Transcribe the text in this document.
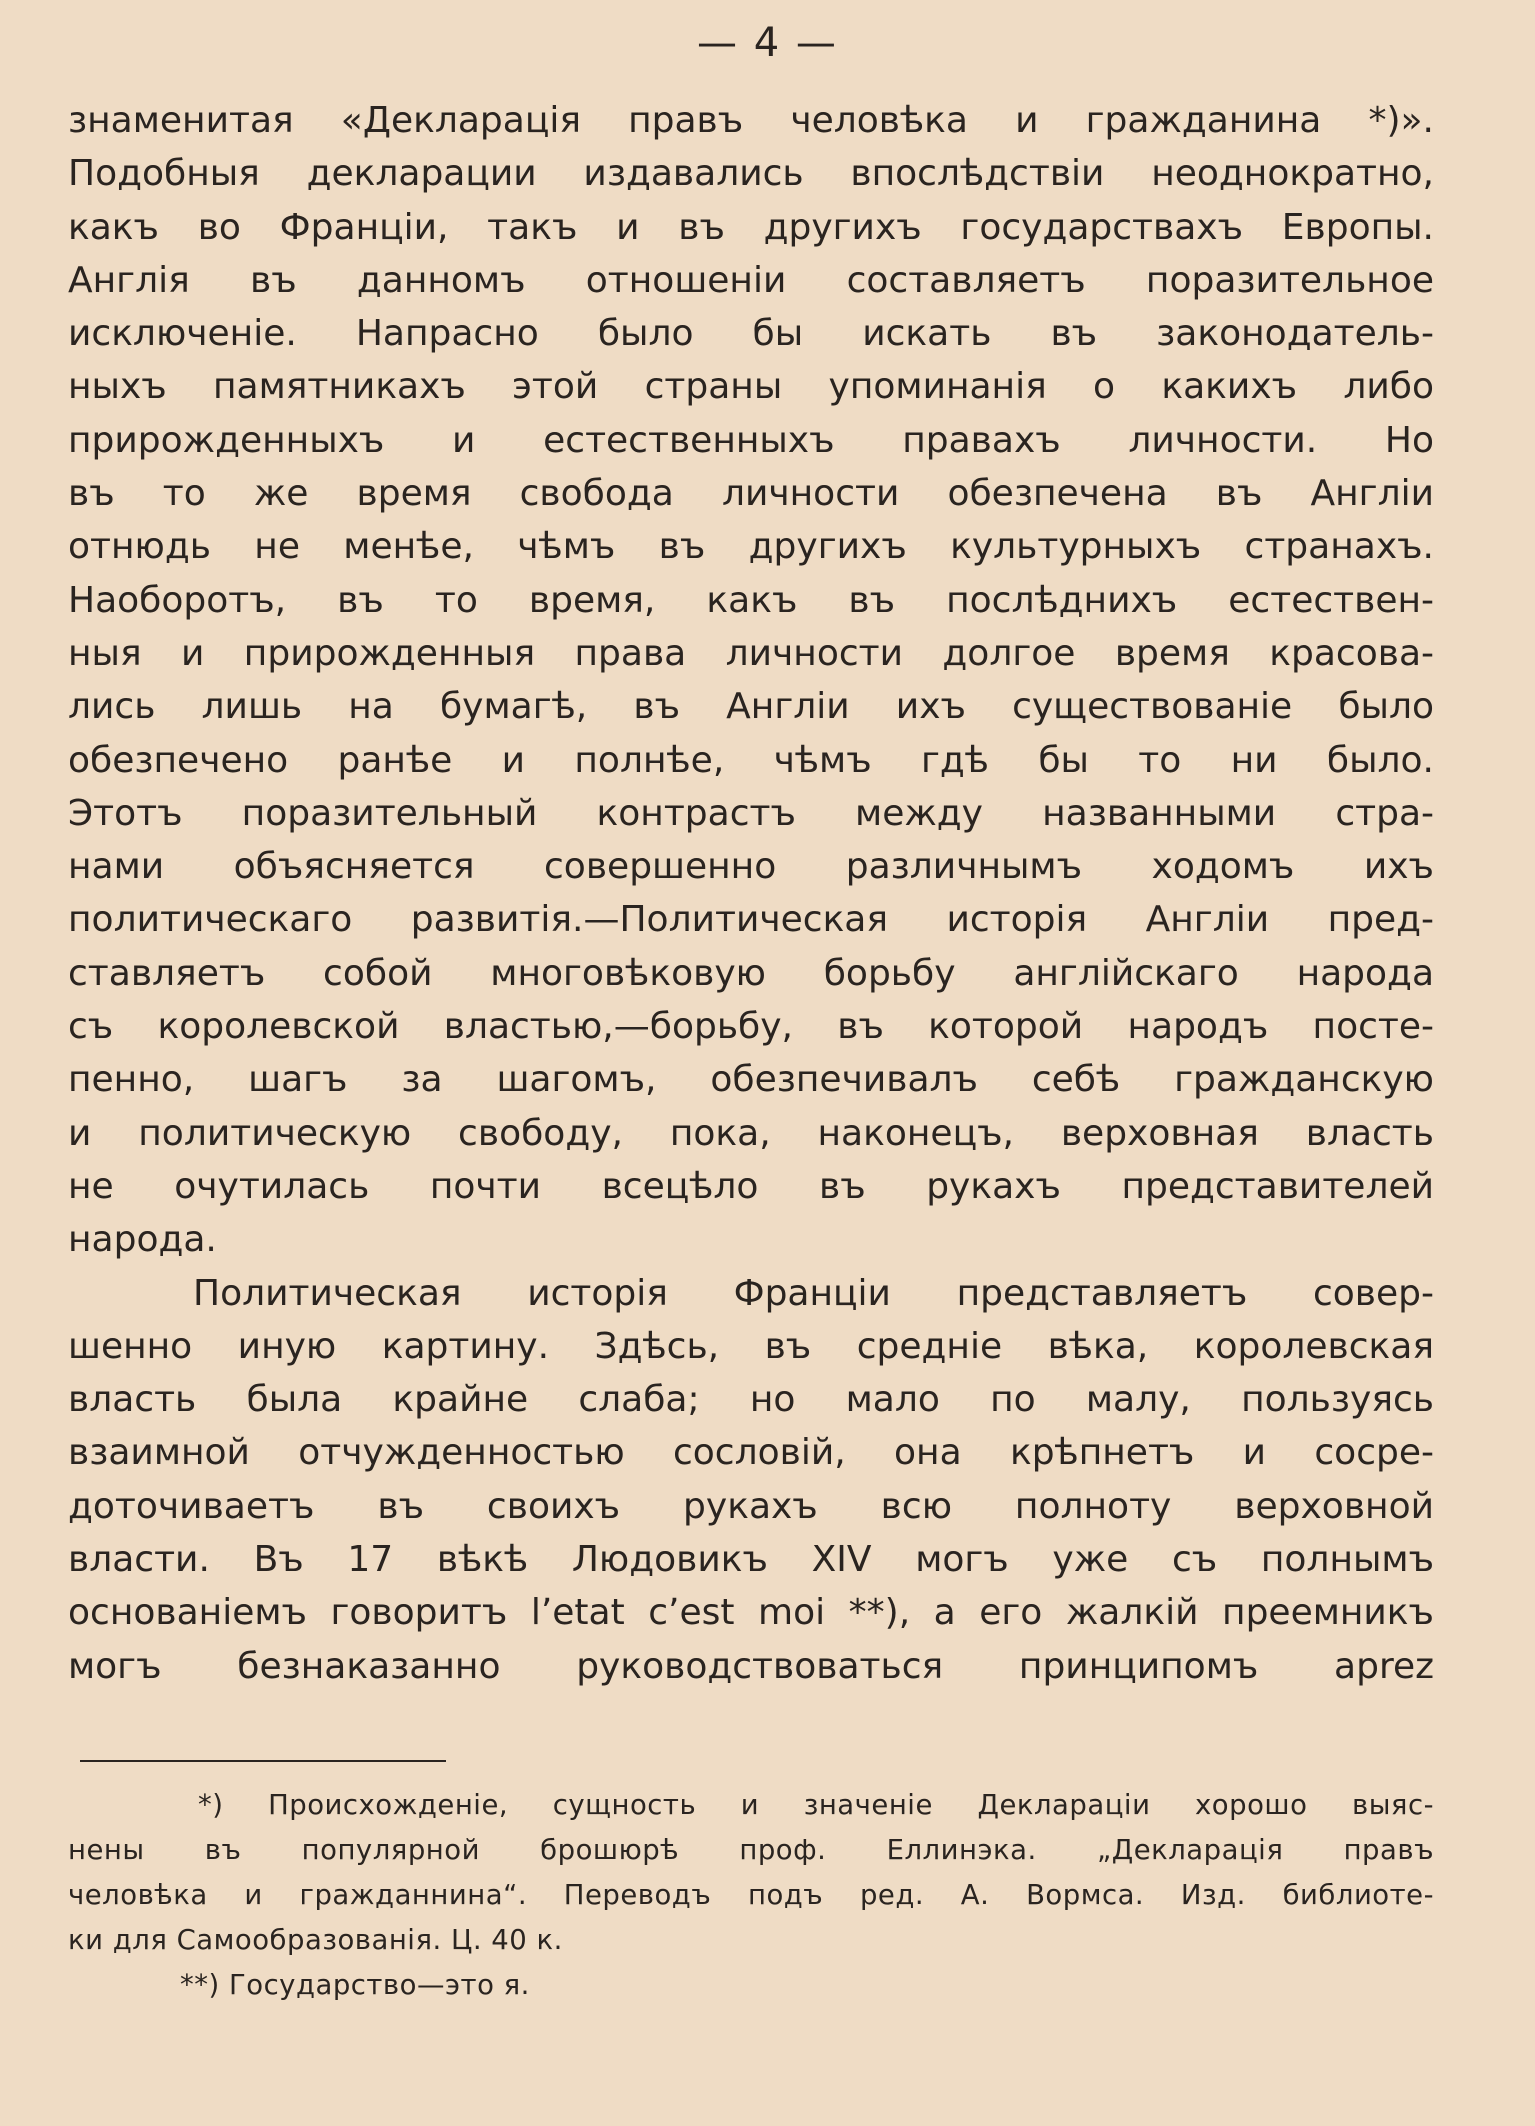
— 4 —
знаменитая «Декларація правъ человѣка и гражданина *)».
Подобныя декларации издавались впослѣдствіи неоднократно,
какъ во Франціи, такъ и въ другихъ государствахъ Европы.
Англія въ данномъ отношеніи составляетъ поразительное
исключеніе. Напрасно было бы искать въ законодатель-
ныхъ памятникахъ этой страны упоминанія о какихъ либо
прирожденныхъ и естественныхъ правахъ личности. Но
въ то же время свобода личности обезпечена въ Англіи
отнюдь не менѣе, чѣмъ въ другихъ культурныхъ странахъ.
Наоборотъ, въ то время, какъ въ послѣднихъ естествен-
ныя и прирожденныя права личности долгое время красова-
лись лишь на бумагѣ, въ Англіи ихъ существованіе было
обезпечено ранѣе и полнѣе, чѣмъ гдѣ бы то ни было.
Этотъ поразительный контрастъ между названными стра-
нами объясняется совершенно различнымъ ходомъ ихъ
политическаго развитія.—Политическая исторія Англіи пред-
ставляетъ собой многовѣковую борьбу англійскаго народа
съ королевской властью,—борьбу, въ которой народъ посте-
пенно, шагъ за шагомъ, обезпечивалъ себѣ гражданскую
и политическую свободу, пока, наконецъ, верховная власть
не очутилась почти всецѣло въ рукахъ представителей
народа.
Политическая исторія Франціи представляетъ совер-
шенно иную картину. Здѣсь, въ средніе вѣка, королевская
власть была крайне слаба; но мало по малу, пользуясь
взаимной отчужденностью сословій, она крѣпнетъ и сосре-
доточиваетъ въ своихъ рукахъ всю полноту верховной
власти. Въ 17 вѣкѣ Людовикъ XIV могъ уже съ полнымъ
основаніемъ говоритъ l’etat c’est moi **), а его жалкій преемникъ
могъ безнаказанно руководствоваться принципомъ aprez
*) Происхожденіе, сущность и значеніе Деклараціи хорошо выяс-
нены въ популярной брошюрѣ проф. Еллинэка. „Декларація правъ
человѣка и гражданнина“. Переводъ подъ ред. А. Вормса. Изд. библиоте-
ки для Самообразованія. Ц. 40 к.
**) Государство—это я.
